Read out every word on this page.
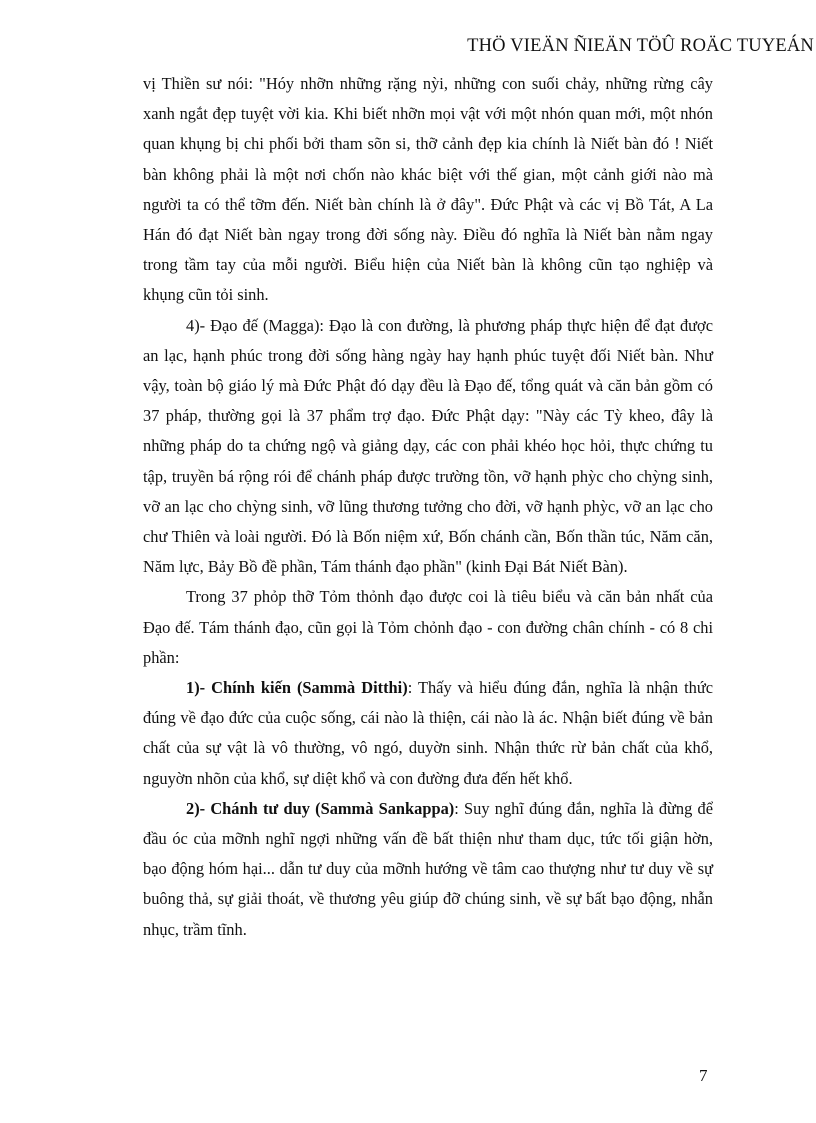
THÖ VIEÄN ÑIEÄN TÖÛ ROÄC TUYEÁN

vị Thiền sư nói: "Hóy nhỡn những rặng nỳi, những con suối chảy, những rừng cây xanh ngắt đẹp tuyệt vời kia. Khi biết nhỡn mọi vật với một nhón quan mới, một nhón quan khụng bị chi phối bởi tham sõn si, thỡ cảnh đẹp kia chính là Niết bàn đó ! Niết bàn không phải là một nơi chốn nào khác biệt với thế gian, một cảnh giới nào mà người ta có thể tỡm đến. Niết bàn chính là ở đây". Đức Phật và các vị Bồ Tát, A La Hán đó đạt Niết bàn ngay trong đời sống này. Điều đó nghĩa là Niết bàn nằm ngay trong tầm tay của mỗi người. Biểu hiện của Niết bàn là không cũn tạo nghiệp và khụng cũn tỏi sinh.

4)- Đạo đế (Magga): Đạo là con đường, là phương pháp thực hiện để đạt được an lạc, hạnh phúc trong đời sống hàng ngày hay hạnh phúc tuyệt đối Niết bàn. Như vậy, toàn bộ giáo lý mà Đức Phật đó dạy đều là Đạo đế, tổng quát và căn bản gồm có 37 pháp, thường gọi là 37 phẩm trợ đạo. Đức Phật dạy: "Này các Tỳ kheo, đây là những pháp do ta chứng ngộ và giảng dạy, các con phải khéo học hỏi, thực chứng tu tập, truyền bá rộng rói để chánh pháp được trường tồn, vỡ hạnh phỳc cho chỳng sinh, vỡ an lạc cho chỳng sinh, vỡ lũng thương tưởng cho đời, vỡ hạnh phỳc, vỡ an lạc cho chư Thiên và loài người. Đó là Bốn niệm xứ, Bốn chánh cần, Bốn thần túc, Năm căn, Năm lực, Bảy Bồ đề phần, Tám thánh đạo phần" (kinh Đại Bát Niết Bàn).

Trong 37 phỏp thỡ Tỏm thỏnh đạo được coi là tiêu biểu và căn bản nhất của Đạo đế. Tám thánh đạo, cũn gọi là Tỏm chỏnh đạo - con đường chân chính - có 8 chi phần:

1)- Chính kiến (Sammà Ditthi): Thấy và hiểu đúng đắn, nghĩa là nhận thức đúng về đạo đức của cuộc sống, cái nào là thiện, cái nào là ác. Nhận biết đúng về bản chất của sự vật là vô thường, vô ngó, duyờn sinh. Nhận thức rừ bản chất của khổ, nguyờn nhõn của khổ, sự diệt khổ và con đường đưa đến hết khổ.

2)- Chánh tư duy (Sammà Sankappa): Suy nghĩ đúng đắn, nghĩa là đừng để đầu óc của mỡnh nghĩ ngợi những vấn đề bất thiện như tham dục, tức tối giận hờn, bạo động hóm hại... dẫn tư duy của mỡnh hướng về tâm cao thượng như tư duy về sự buông thả, sự giải thoát, về thương yêu giúp đỡ chúng sinh, về sự bất bạo động, nhẫn nhục, trầm tĩnh.

7
